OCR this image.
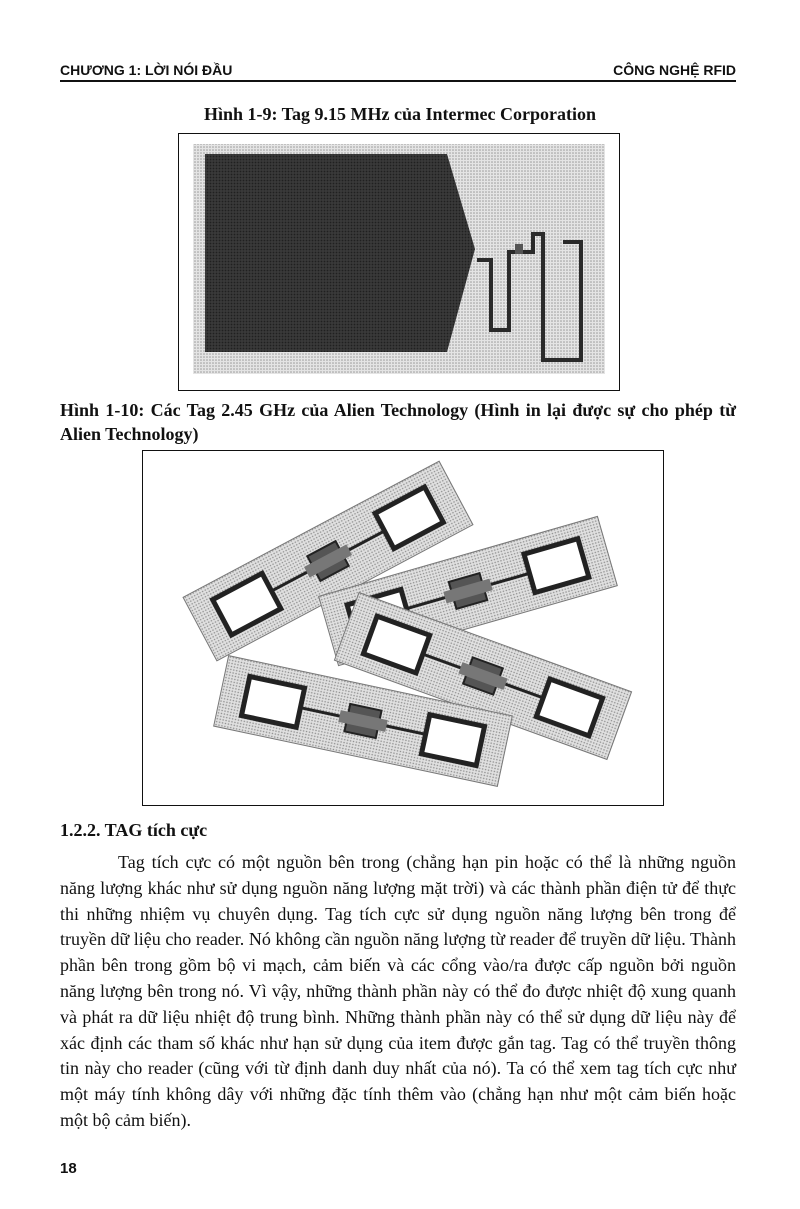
CHƯƠNG 1: LỜI NÓI ĐẦU	CÔNG NGHỆ RFID
Hình 1-9: Tag 9.15 MHz của Intermec Corporation
Hình 1-10: Các Tag 2.45 GHz của Alien Technology (Hình in lại được sự cho phép từ Alien Technology)
1.2.2. TAG tích cực
Tag tích cực có một nguồn bên trong (chẳng hạn pin hoặc có thể là những nguồn năng lượng khác như sử dụng nguồn năng lượng mặt trời) và các thành phần điện tử để thực thi những nhiệm vụ chuyên dụng. Tag tích cực sử dụng nguồn năng lượng bên trong để truyền dữ liệu cho reader. Nó không cần nguồn năng lượng từ reader để truyền dữ liệu. Thành phần bên trong gồm bộ vi mạch, cảm biến và các cổng vào/ra được cấp nguồn bởi nguồn năng lượng bên trong nó. Vì vậy, những thành phần này có thể đo được nhiệt độ xung quanh và phát ra dữ liệu nhiệt độ trung bình. Những thành phần này có thể sử dụng dữ liệu này để xác định các tham số khác như hạn sử dụng của item được gắn tag. Tag có thể truyền thông tin này cho reader (cũng với từ định danh duy nhất của nó). Ta có thể xem tag tích cực như một máy tính không dây với những đặc tính thêm vào (chẳng hạn như một cảm biến hoặc một bộ cảm biến).
18
